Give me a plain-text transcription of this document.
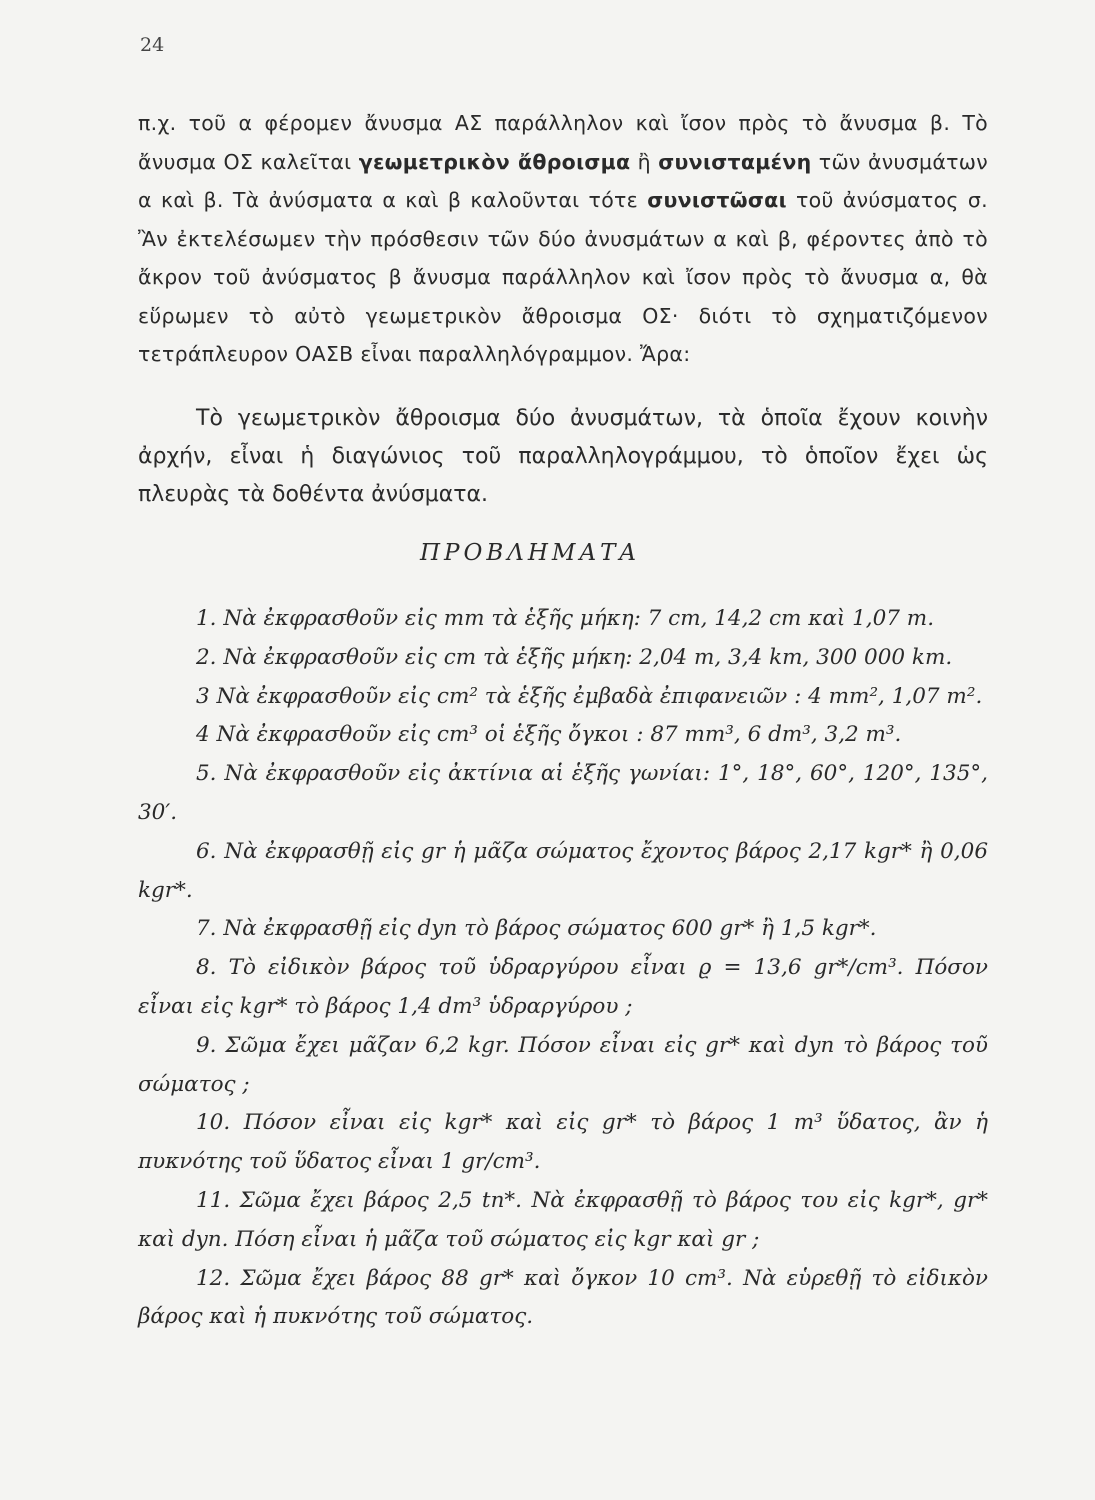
24

π.χ. τοῦ α φέρομεν ἄνυσμα ΑΣ παράλληλον καὶ ἴσον πρὸς τὸ ἄνυσμα β. Τὸ ἄνυσμα ΟΣ καλεῖται γεωμετρικὸν ἄθροισμα ἢ συνισταμένη τῶν ἀνυσμάτων α καὶ β. Τὰ ἀνύσματα α καὶ β καλοῦνται τότε συνιστῶσαι τοῦ ἀνύσματος σ. Ἂν ἐκτελέσωμεν τὴν πρόσθεσιν τῶν δύο ἀνυσμάτων α καὶ β, φέροντες ἀπὸ τὸ ἄκρον τοῦ ἀνύσματος β ἄνυσμα παράλληλον καὶ ἴσον πρὸς τὸ ἄνυσμα α, θὰ εὕρωμεν τὸ αὐτὸ γεωμετρικὸν ἄθροισμα ΟΣ· διότι τὸ σχηματιζόμενον τετράπλευρον ΟΑΣΒ εἶναι παραλληλόγραμμον. Ἄρα:

Τὸ γεωμετρικὸν ἄθροισμα δύο ἀνυσμάτων, τὰ ὁποῖα ἔχουν κοινὴν ἀρχήν, εἶναι ἡ διαγώνιος τοῦ παραλληλογράμμου, τὸ ὁποῖον ἔχει ὡς πλευρὰς τὰ δοθέντα ἀνύσματα.

ΠΡΟΒΛΗΜΑΤΑ

1. Νὰ ἐκφρασθοῦν εἰς mm τὰ ἑξῆς μήκη: 7 cm, 14,2 cm καὶ 1,07 m.

2. Νὰ ἐκφρασθοῦν εἰς cm τὰ ἑξῆς μήκη: 2,04 m, 3,4 km, 300 000 km.

3 Νὰ ἐκφρασθοῦν εἰς cm² τὰ ἑξῆς ἐμβαδὰ ἐπιφανειῶν : 4 mm², 1,07 m².

4 Νὰ ἐκφρασθοῦν εἰς cm³ οἱ ἑξῆς ὄγκοι : 87 mm³, 6 dm³, 3,2 m³.

5. Νὰ ἐκφρασθοῦν εἰς ἀκτίνια αἱ ἑξῆς γωνίαι: 1°, 18°, 60°, 120°, 135°, 30′.

6. Νὰ ἐκφρασθῇ εἰς gr ἡ μᾶζα σώματος ἔχοντος βάρος 2,17 kgr* ἢ 0,06 kgr*.

7. Νὰ ἐκφρασθῇ εἰς dyn τὸ βάρος σώματος 600 gr* ἢ 1,5 kgr*.

8. Τὸ εἰδικὸν βάρος τοῦ ὑδραργύρου εἶναι ϱ = 13,6 gr*/cm³. Πόσον εἶναι εἰς kgr* τὸ βάρος 1,4 dm³ ὑδραργύρου ;

9. Σῶμα ἔχει μᾶζαν 6,2 kgr. Πόσον εἶναι εἰς gr* καὶ dyn τὸ βάρος τοῦ σώματος ;

10. Πόσον εἶναι εἰς kgr* καὶ εἰς gr* τὸ βάρος 1 m³ ὕδατος, ἂν ἡ πυκνότης τοῦ ὕδατος εἶναι 1 gr/cm³.

11. Σῶμα ἔχει βάρος 2,5 tn*. Νὰ ἐκφρασθῇ τὸ βάρος του εἰς kgr*, gr* καὶ dyn. Πόση εἶναι ἡ μᾶζα τοῦ σώματος εἰς kgr καὶ gr ;

12. Σῶμα ἔχει βάρος 88 gr* καὶ ὄγκον 10 cm³. Νὰ εὑρεθῇ τὸ εἰδικὸν βάρος καὶ ἡ πυκνότης τοῦ σώματος.
